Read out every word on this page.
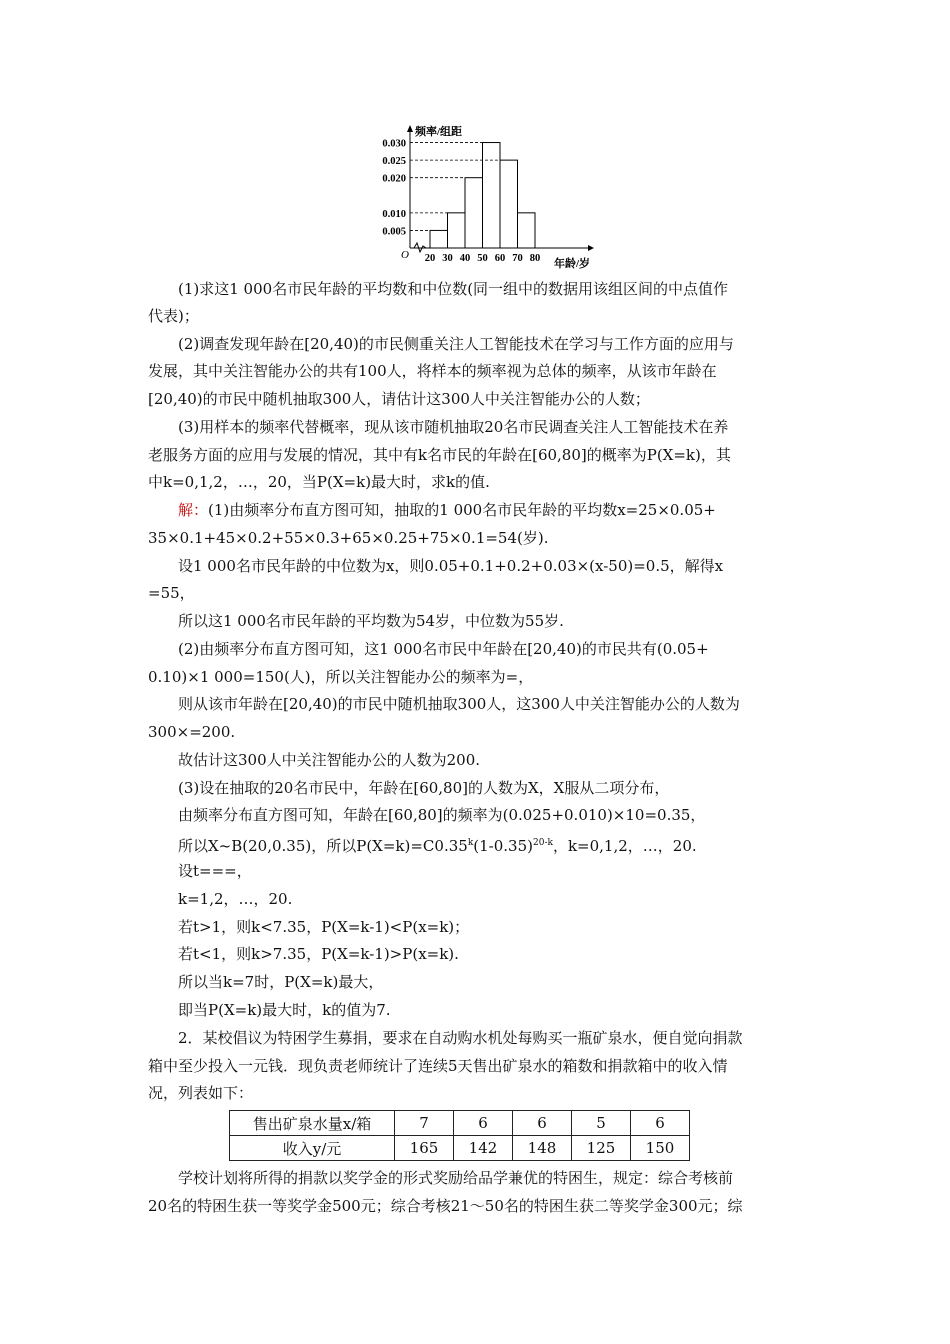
O
频率/组距
年龄/岁
0.005
0.010
0.020
0.025
0.030
20 30 40 50 60 70 80
(1)求这1 000名市民年龄的平均数和中位数(同一组中的数据用该组区间的中点值作
代表)；
(2)调查发现年龄在[20,40)的市民侧重关注人工智能技术在学习与工作方面的应用与
发展，其中关注智能办公的共有100人，将样本的频率视为总体的频率，从该市年龄在
[20,40)的市民中随机抽取300人，请估计这300人中关注智能办公的人数；
(3)用样本的频率代替概率，现从该市随机抽取20名市民调查关注人工智能技术在养
老服务方面的应用与发展的情况，其中有k名市民的年龄在[60,80]的概率为P(X=k)，其
中k=0,1,2，…，20，当P(X=k)最大时，求k的值.
解：(1)由频率分布直方图可知，抽取的1 000名市民年龄的平均数x=25×0.05+
35×0.1+45×0.2+55×0.3+65×0.25+75×0.1=54(岁).
设1 000名市民年龄的中位数为x，则0.05+0.1+0.2+0.03×(x-50)=0.5，解得x
=55，
所以这1 000名市民年龄的平均数为54岁，中位数为55岁.
(2)由频率分布直方图可知，这1 000名市民中年龄在[20,40)的市民共有(0.05+
0.10)×1 000=150(人)，所以关注智能办公的频率为=，
则从该市年龄在[20,40)的市民中随机抽取300人，这300人中关注智能办公的人数为
300×=200.
故估计这300人中关注智能办公的人数为200.
(3)设在抽取的20名市民中，年龄在[60,80]的人数为X，X服从二项分布，
由频率分布直方图可知，年龄在[60,80]的频率为(0.025+0.010)×10=0.35，
所以X~B(20,0.35)，所以$P(X=k)=C0.35^k(1-0.35)^{20-k}$，k=0,1,2，…，20.
设t===，
k=1,2，…，20.
若t>1，则k<7.35，P(X=k-1)<P(x=k)；
若t<1，则k>7.35，P(X=k-1)>P(x=k).
所以当k=7时，P(X=k)最大，
即当P(X=k)最大时，k的值为7.
2．某校倡议为特困学生募捐，要求在自动购水机处每购买一瓶矿泉水，便自觉向捐款
箱中至少投入一元钱．现负责老师统计了连续5天售出矿泉水的箱数和捐款箱中的收入情
况，列表如下：
售出矿泉水量x/箱	7	6	6	5	6
收入y/元	165	142	148	125	150
学校计划将所得的捐款以奖学金的形式奖励给品学兼优的特困生，规定：综合考核前
20名的特困生获一等奖学金500元；综合考核21～50名的特困生获二等奖学金300元；综
